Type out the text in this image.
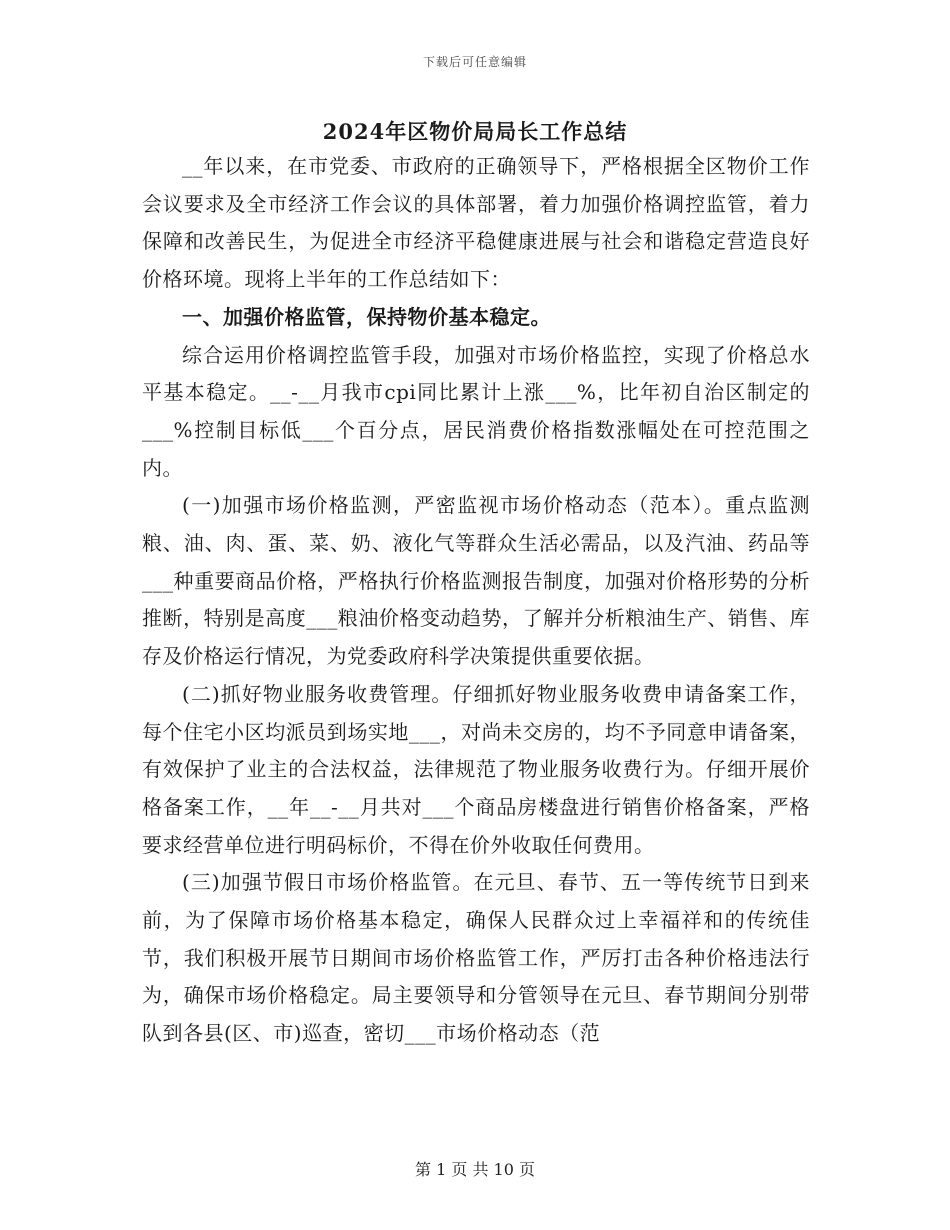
下载后可任意编辑
2024年区物价局局长工作总结

__年以来，在市党委、市政府的正确领导下，严格根据全区物价工作会议要求及全市经济工作会议的具体部署，着力加强价格调控监管，着力保障和改善民生，为促进全市经济平稳健康进展与社会和谐稳定营造良好价格环境。现将上半年的工作总结如下：

一、加强价格监管，保持物价基本稳定。

综合运用价格调控监管手段，加强对市场价格监控，实现了价格总水平基本稳定。__-__月我市cpi同比累计上涨___%，比年初自治区制定的___%控制目标低___个百分点，居民消费价格指数涨幅处在可控范围之内。

(一)加强市场价格监测，严密监视市场价格动态（范本）。重点监测粮、油、肉、蛋、菜、奶、液化气等群众生活必需品，以及汽油、药品等___种重要商品价格，严格执行价格监测报告制度，加强对价格形势的分析推断，特别是高度___粮油价格变动趋势，了解并分析粮油生产、销售、库存及价格运行情况，为党委政府科学决策提供重要依据。

(二)抓好物业服务收费管理。仔细抓好物业服务收费申请备案工作，每个住宅小区均派员到场实地___，对尚未交房的，均不予同意申请备案，有效保护了业主的合法权益，法律规范了物业服务收费行为。仔细开展价格备案工作，__年__-__月共对___个商品房楼盘进行销售价格备案，严格要求经营单位进行明码标价，不得在价外收取任何费用。

(三)加强节假日市场价格监管。在元旦、春节、五一等传统节日到来前，为了保障市场价格基本稳定，确保人民群众过上幸福祥和的传统佳节，我们积极开展节日期间市场价格监管工作，严厉打击各种价格违法行为，确保市场价格稳定。局主要领导和分管领导在元旦、春节期间分别带队到各县(区、市)巡查，密切___市场价格动态（范

第 1 页 共 10 页
